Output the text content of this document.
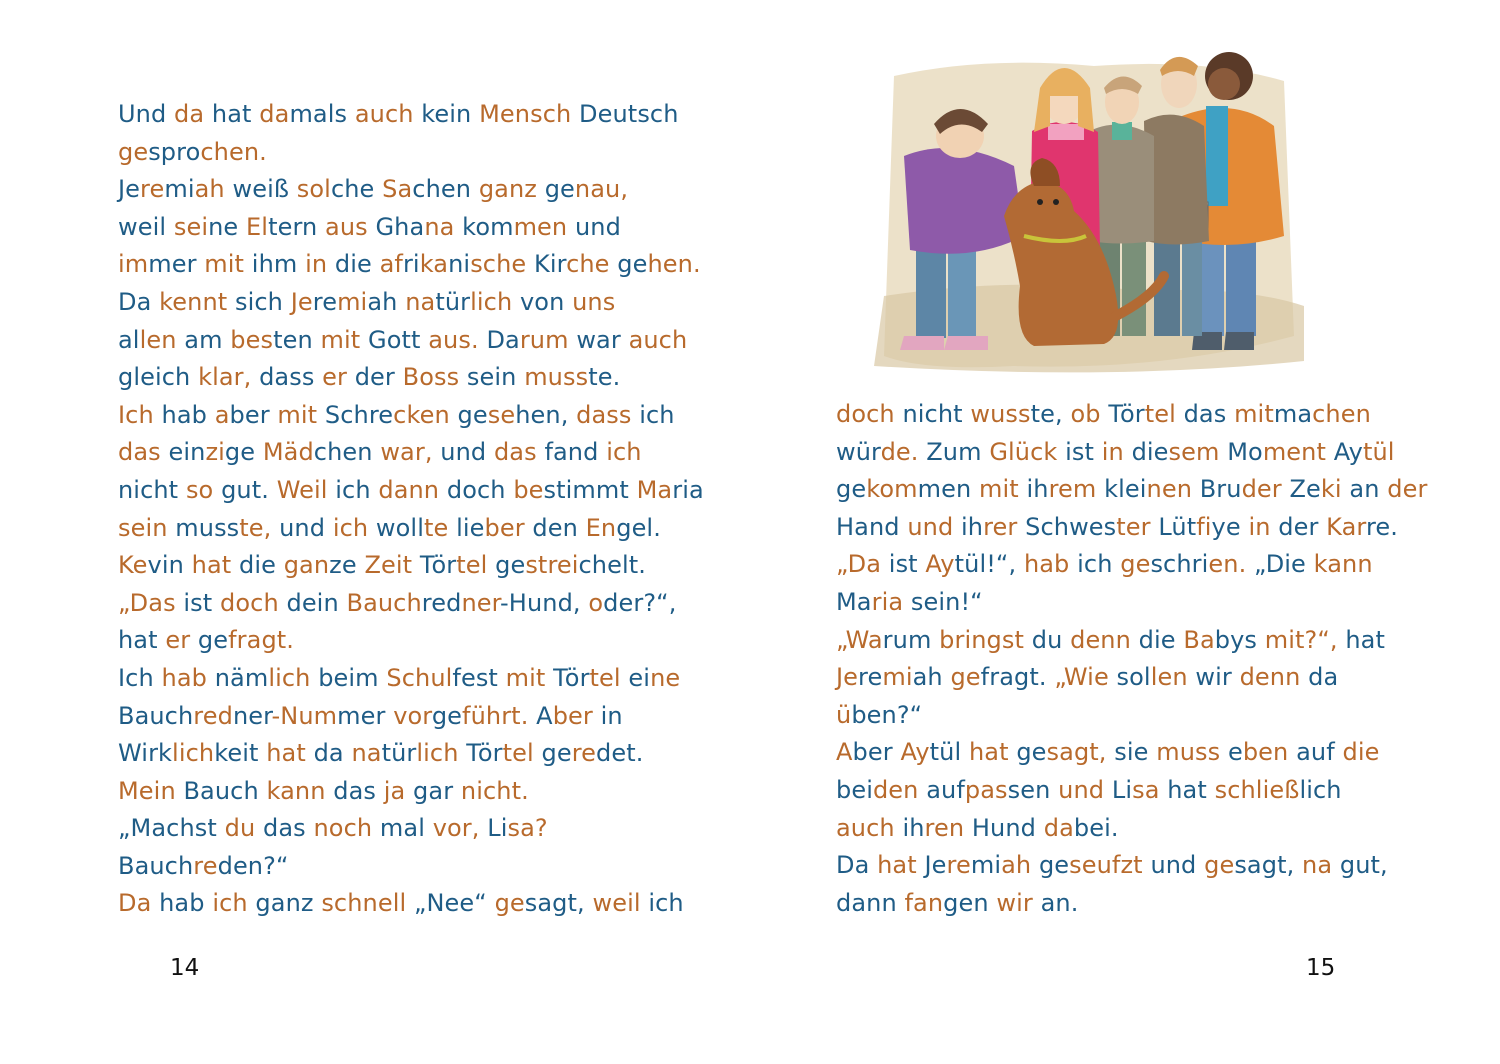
Und da hat damals auch kein Mensch Deutsch
gesprochen.
Jeremiah weiß solche Sachen ganz genau,
weil seine Eltern aus Ghana kommen und
immer mit ihm in die afrikanische Kirche gehen.
Da kennt sich Jeremiah natürlich von uns
allen am besten mit Gott aus. Darum war auch
gleich klar, dass er der Boss sein musste.
Ich hab aber mit Schrecken gesehen, dass ich
das einzige Mädchen war, und das fand ich
nicht so gut. Weil ich dann doch bestimmt Maria
sein musste, und ich wollte lieber den Engel.
Kevin hat die ganze Zeit Törtel gestreichelt.
„Das ist doch dein Bauchredner-Hund, oder?“,
hat er gefragt.
Ich hab nämlich beim Schulfest mit Törtel eine
Bauchredner-Nummer vorgeführt. Aber in
Wirklichkeit hat da natürlich Törtel geredet.
Mein Bauch kann das ja gar nicht.
„Machst du das noch mal vor, Lisa?
Bauchreden?“
Da hab ich ganz schnell „Nee“ gesagt, weil ich
14
doch nicht wusste, ob Törtel das mitmachen
würde. Zum Glück ist in diesem Moment Aytül
gekommen mit ihrem kleinen Bruder Zeki an der
Hand und ihrer Schwester Lütfiye in der Karre.
„Da ist Aytül!“, hab ich geschrien. „Die kann
Maria sein!“
„Warum bringst du denn die Babys mit?“, hat
Jeremiah gefragt. „Wie sollen wir denn da
üben?“
Aber Aytül hat gesagt, sie muss eben auf die
beiden aufpassen und Lisa hat schließlich
auch ihren Hund dabei.
Da hat Jeremiah geseufzt und gesagt, na gut,
dann fangen wir an.
15
